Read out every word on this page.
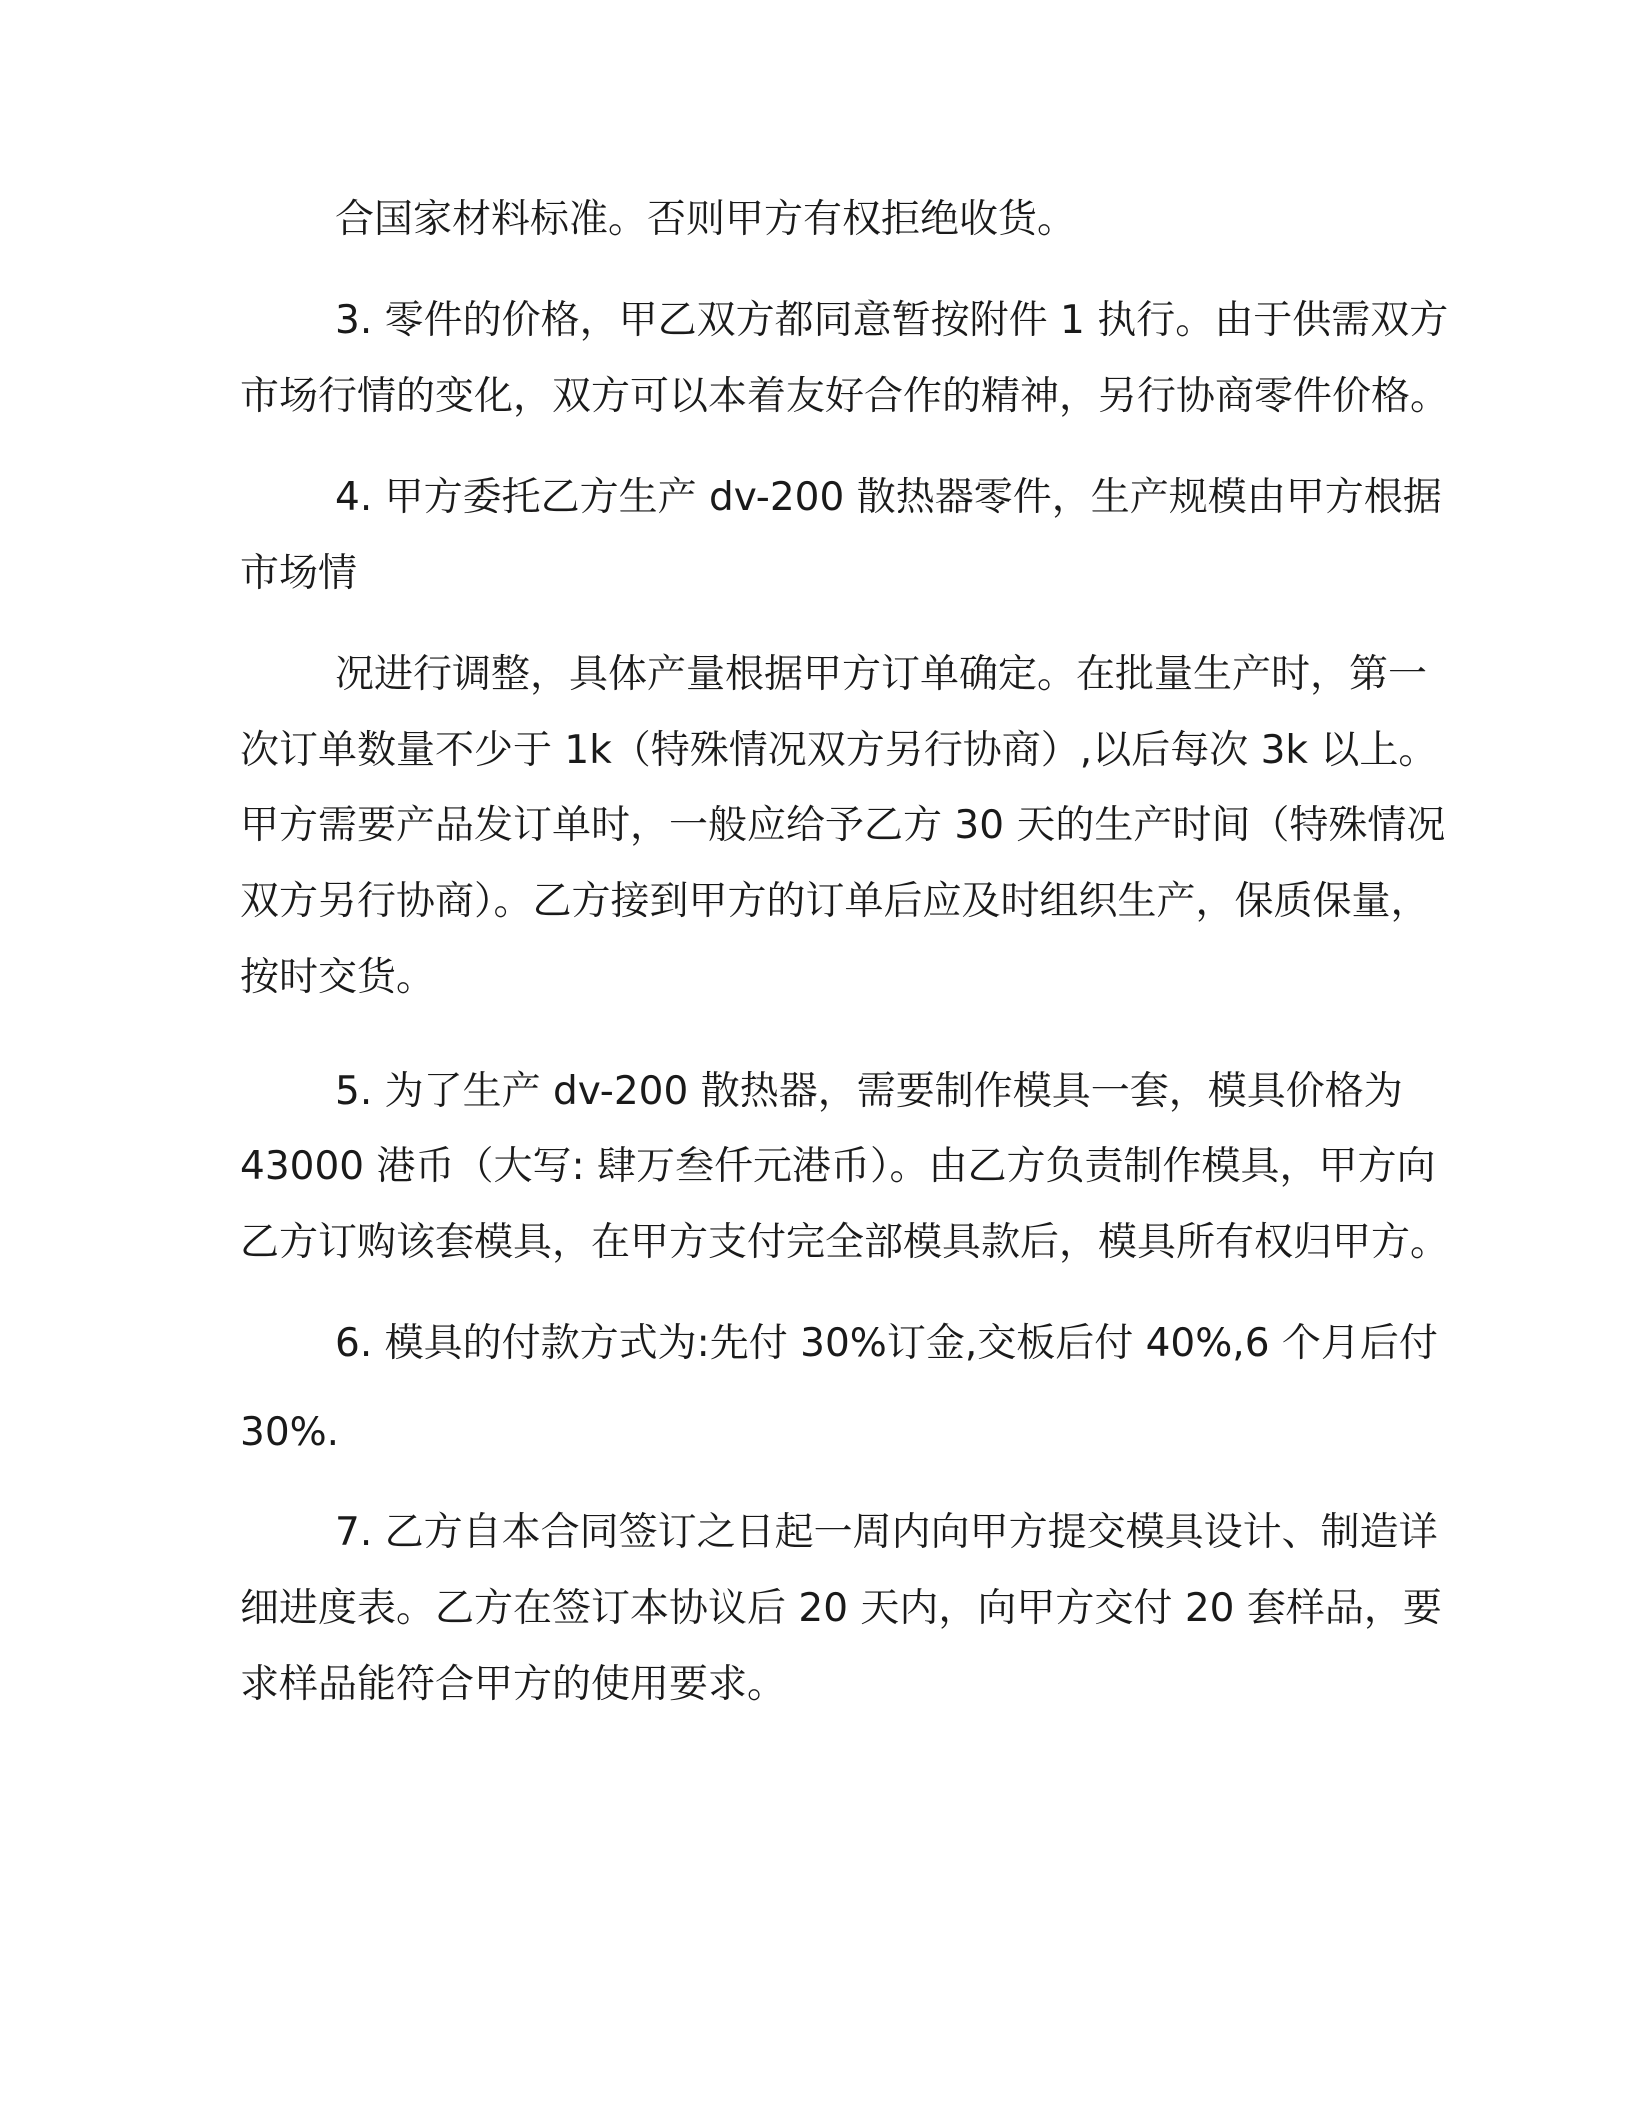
合国家材料标准。否则甲方有权拒绝收货。
3. 零件的价格，甲乙双方都同意暂按附件 1 执行。由于供需双方
市场行情的变化，双方可以本着友好合作的精神，另行协商零件价格。
4. 甲方委托乙方生产 dv-200 散热器零件，生产规模由甲方根据
市场情
况进行调整，具体产量根据甲方订单确定。在批量生产时，第一
次订单数量不少于 1k（特殊情况双方另行协商）,以后每次 3k 以上。
甲方需要产品发订单时，一般应给予乙方 30 天的生产时间（特殊情况
双方另行协商）。乙方接到甲方的订单后应及时组织生产，保质保量，
按时交货。
5. 为了生产 dv-200 散热器，需要制作模具一套，模具价格为
43000 港币（大写: 肆万叁仟元港币）。由乙方负责制作模具，甲方向
乙方订购该套模具，在甲方支付完全部模具款后，模具所有权归甲方。
6. 模具的付款方式为:先付 30%订金,交板后付 40%,6 个月后付
30%.
7. 乙方自本合同签订之日起一周内向甲方提交模具设计、制造详
细进度表。乙方在签订本协议后 20 天内，向甲方交付 20 套样品，要
求样品能符合甲方的使用要求。
